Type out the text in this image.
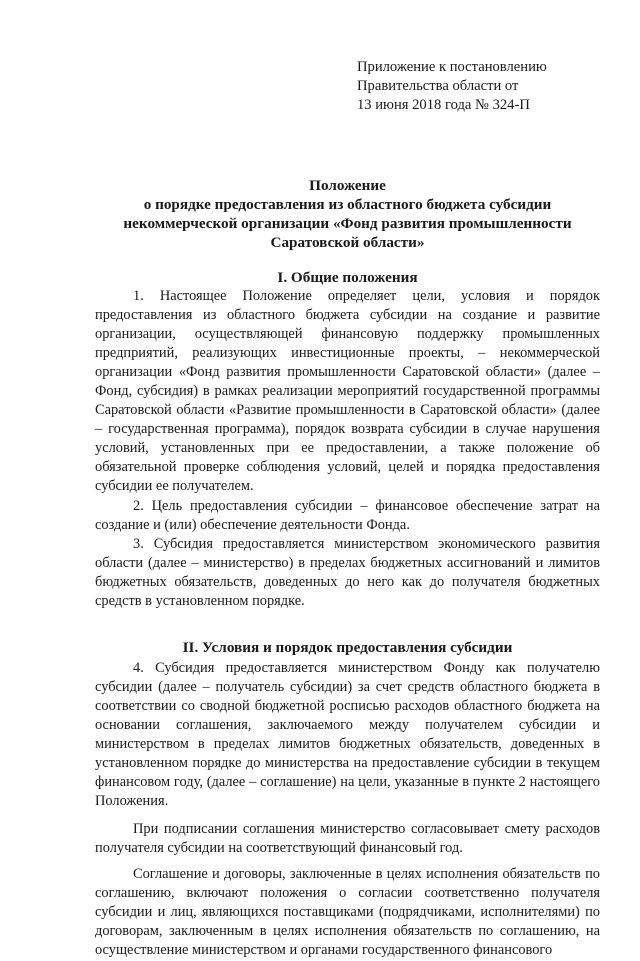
Приложение к постановлению
Правительства области от
13 июня 2018 года № 324-П
Положение
о порядке предоставления из областного бюджета субсидии
некоммерческой организации «Фонд развития промышленности
Саратовской области»
I. Общие положения

1. Настоящее Положение определяет цели, условия и порядок предоставления из областного бюджета субсидии на создание и развитие организации, осуществляющей финансовую поддержку промышленных предприятий, реализующих инвестиционные проекты, – некоммерческой организации «Фонд развития промышленности Саратовской области» (далее – Фонд, субсидия) в рамках реализации мероприятий государственной программы Саратовской области «Развитие промышленности в Саратовской области» (далее – государственная программа), порядок возврата субсидии в случае нарушения условий, установленных при ее предоставлении, а также положение об обязательной проверке соблюдения условий, целей и порядка предоставления субсидии ее получателем.

2. Цель предоставления субсидии – финансовое обеспечение затрат на создание и (или) обеспечение деятельности Фонда.

3. Субсидия предоставляется министерством экономического развития области (далее – министерство) в пределах бюджетных ассигнований и лимитов бюджетных обязательств, доведенных до него как до получателя бюджетных средств в установленном порядке.

II. Условия и порядок предоставления субсидии

4. Субсидия предоставляется министерством Фонду как получателю субсидии (далее – получатель субсидии) за счет средств областного бюджета в соответствии со сводной бюджетной росписью расходов областного бюджета на основании соглашения, заключаемого между получателем субсидии и министерством в пределах лимитов бюджетных обязательств, доведенных в установленном порядке до министерства на предоставление субсидии в текущем финансовом году, (далее – соглашение) на цели, указанные в пункте 2 настоящего Положения.

При подписании соглашения министерство согласовывает смету расходов получателя субсидии на соответствующий финансовый год.

Соглашение и договоры, заключенные в целях исполнения обязательств по соглашению, включают положения о согласии соответственно получателя субсидии и лиц, являющихся поставщиками (подрядчиками, исполнителями) по договорам, заключенным в целях исполнения обязательств по соглашению, на осуществление министерством и органами государственного финансового
